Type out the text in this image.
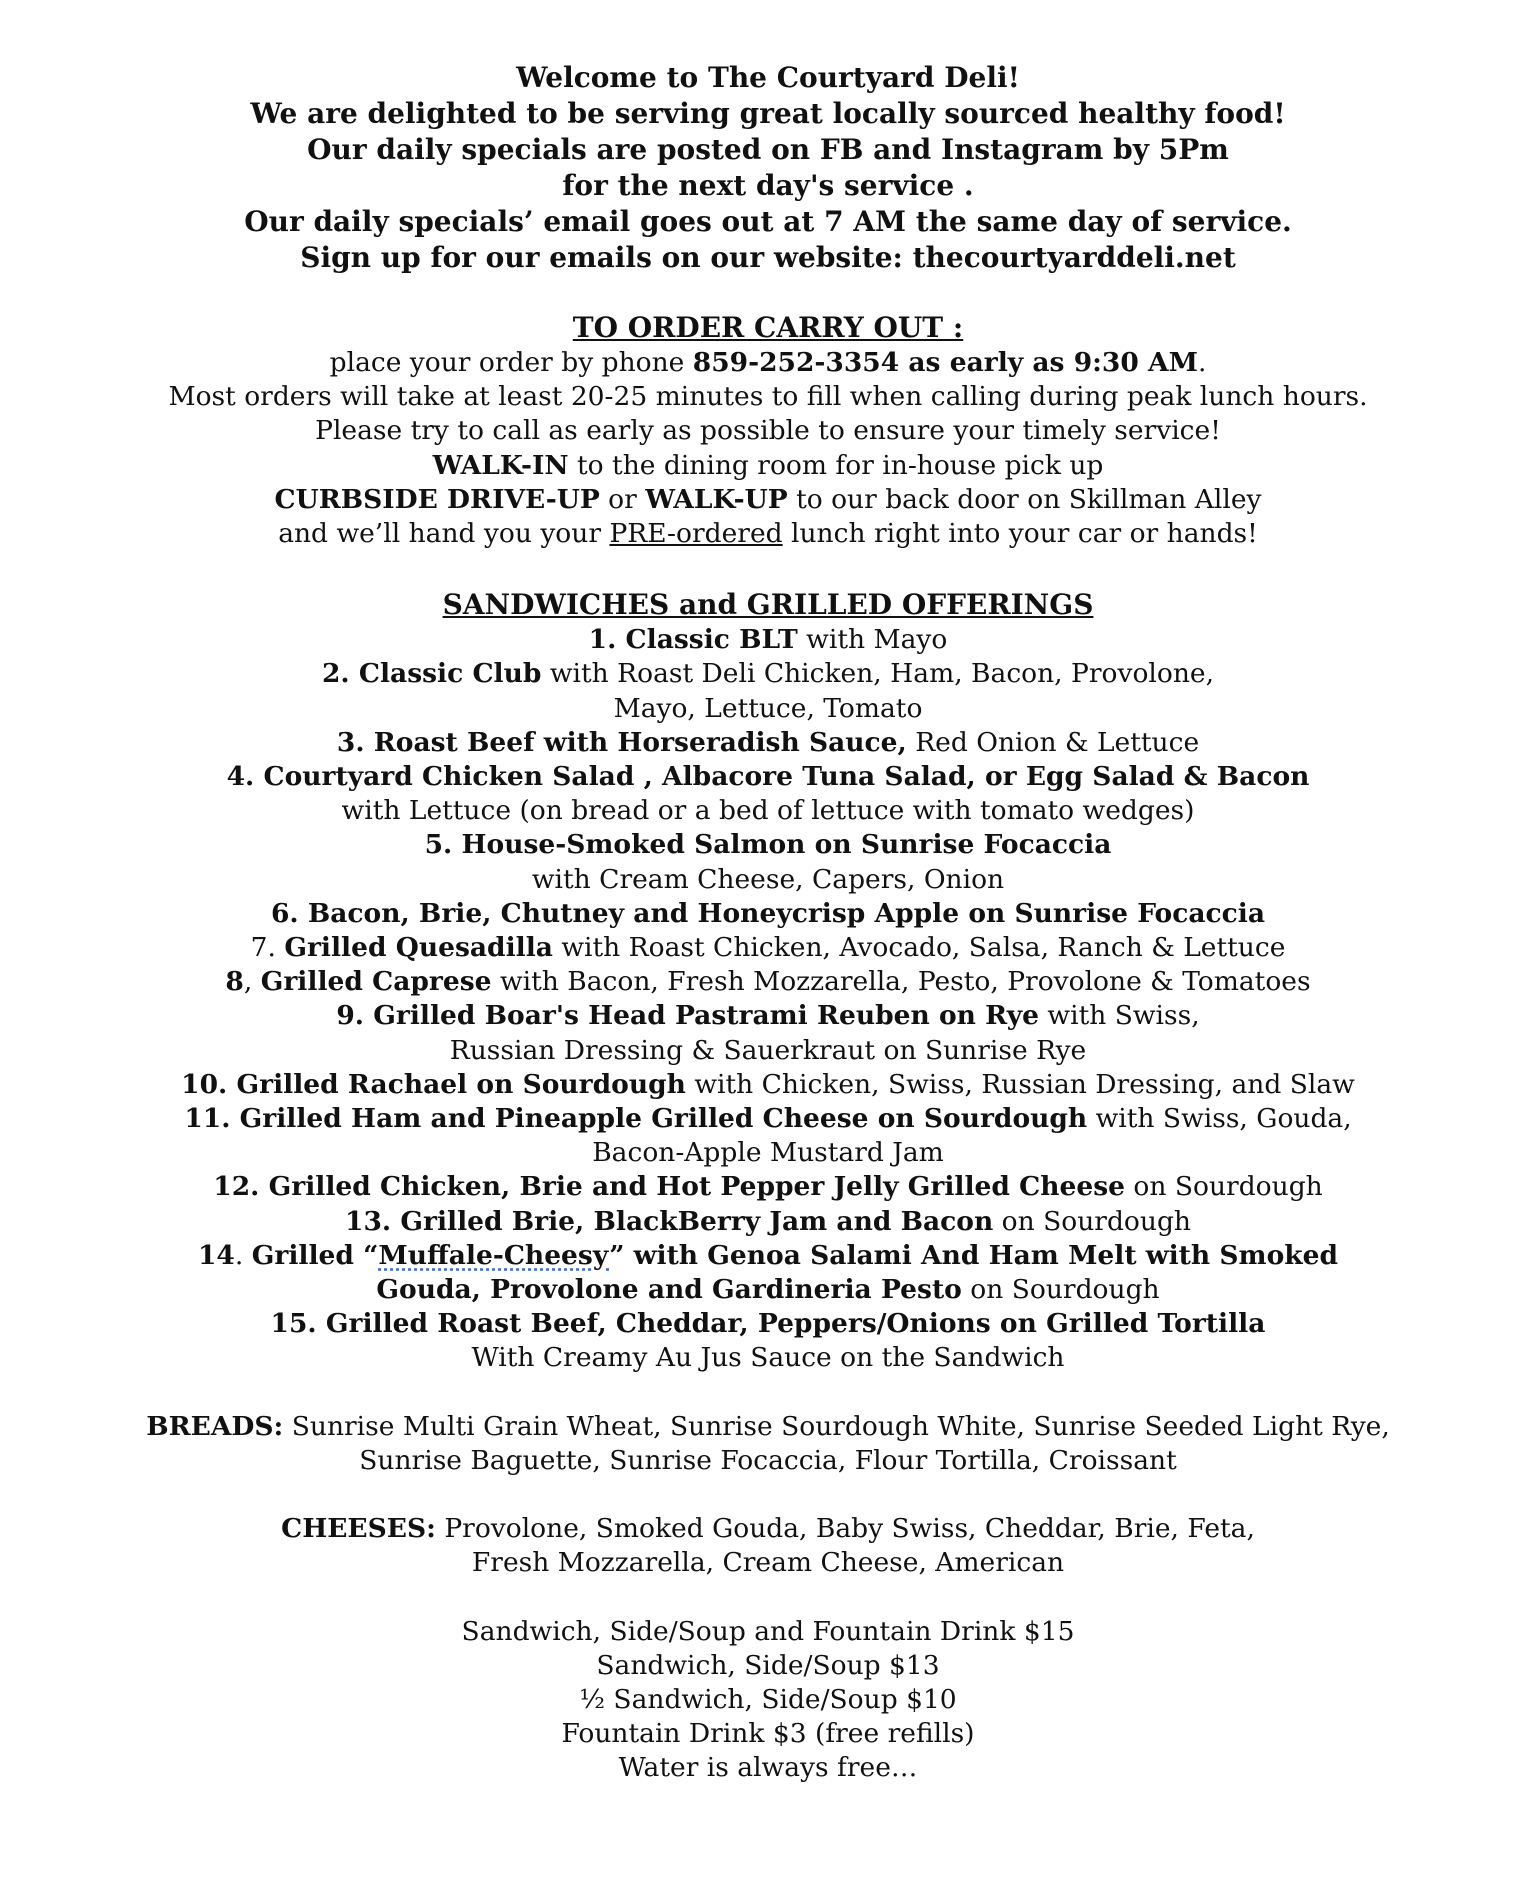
Welcome to The Courtyard Deli!

We are delighted to be serving great locally sourced healthy food!

Our daily specials are posted on FB and Instagram by 5Pm

for the next day's service .

Our daily specials’ email goes out at 7 AM the same day of service.

Sign up for our emails on our website: thecourtyarddeli.net

TO ORDER CARRY OUT :

place your order by phone 859-252-3354 as early as 9:30 AM.

Most orders will take at least 20-25 minutes to fill when calling during peak lunch hours.

Please try to call as early as possible to ensure your timely service!

WALK-IN to the dining room for in-house pick up

CURBSIDE DRIVE-UP or WALK-UP to our back door on Skillman Alley

and we’ll hand you your PRE-ordered lunch right into your car or hands!

SANDWICHES and GRILLED OFFERINGS

1. Classic BLT with Mayo

2. Classic Club with Roast Deli Chicken, Ham, Bacon, Provolone,

Mayo, Lettuce, Tomato

3. Roast Beef with Horseradish Sauce, Red Onion & Lettuce

4. Courtyard Chicken Salad , Albacore Tuna Salad, or Egg Salad & Bacon

with Lettuce (on bread or a bed of lettuce with tomato wedges)

5. House-Smoked Salmon on Sunrise Focaccia

with Cream Cheese, Capers, Onion

6. Bacon, Brie, Chutney and Honeycrisp Apple on Sunrise Focaccia

7. Grilled Quesadilla with Roast Chicken, Avocado, Salsa, Ranch & Lettuce

8, Grilled Caprese with Bacon, Fresh Mozzarella, Pesto, Provolone & Tomatoes

9. Grilled Boar's Head Pastrami Reuben on Rye with Swiss,

Russian Dressing & Sauerkraut on Sunrise Rye

10. Grilled Rachael on Sourdough with Chicken, Swiss, Russian Dressing, and Slaw

11. Grilled Ham and Pineapple Grilled Cheese on Sourdough with Swiss, Gouda,

Bacon-Apple Mustard Jam

12. Grilled Chicken, Brie and Hot Pepper Jelly Grilled Cheese on Sourdough

13. Grilled Brie, BlackBerry Jam and Bacon on Sourdough

14. Grilled “Muffale-Cheesy” with Genoa Salami And Ham Melt with Smoked

Gouda, Provolone and Gardineria Pesto on Sourdough

15. Grilled Roast Beef, Cheddar, Peppers/Onions on Grilled Tortilla

With Creamy Au Jus Sauce on the Sandwich

BREADS: Sunrise Multi Grain Wheat, Sunrise Sourdough White, Sunrise Seeded Light Rye,

Sunrise Baguette, Sunrise Focaccia, Flour Tortilla, Croissant

CHEESES: Provolone, Smoked Gouda, Baby Swiss, Cheddar, Brie, Feta,

Fresh Mozzarella, Cream Cheese, American

Sandwich, Side/Soup and Fountain Drink $15

Sandwich, Side/Soup $13

½ Sandwich, Side/Soup $10

Fountain Drink $3 (free refills)

Water is always free…
